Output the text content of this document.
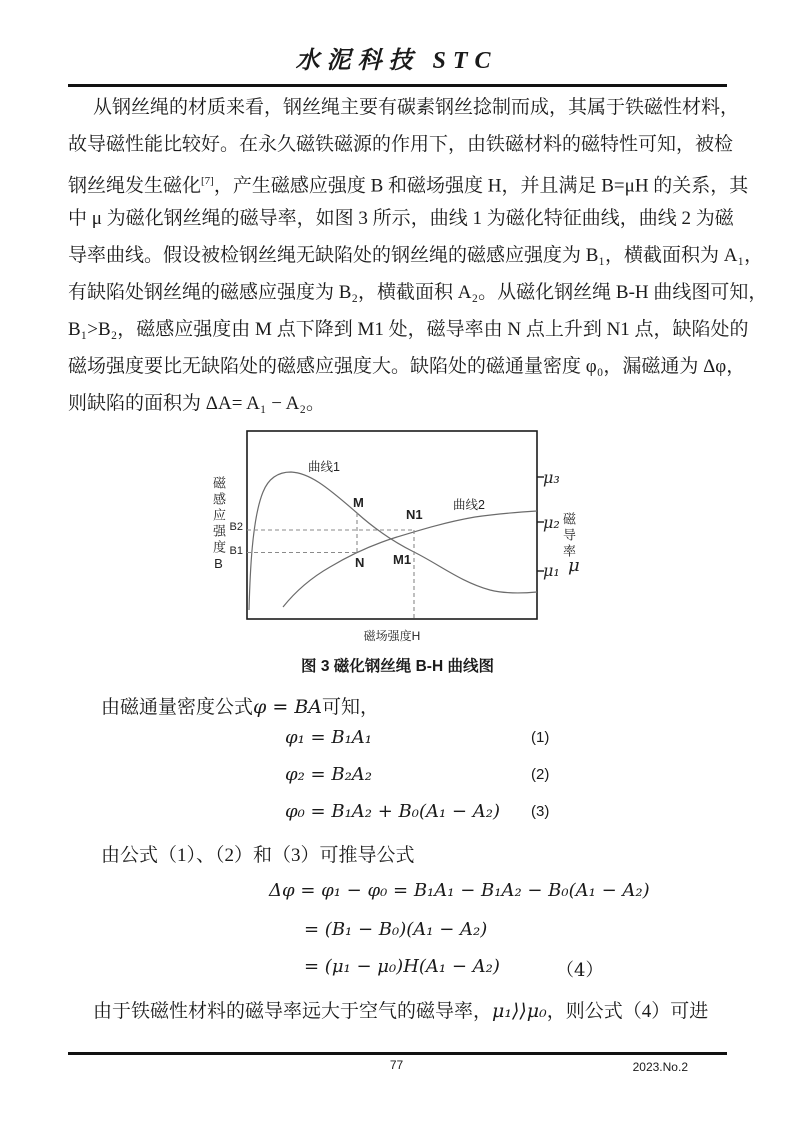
水泥科技 STC
从钢丝绳的材质来看，钢丝绳主要有碳素钢丝捻制而成，其属于铁磁性材料，
故导磁性能比较好。在永久磁铁磁源的作用下，由铁磁材料的磁特性可知，被检
钢丝绳发生磁化[7]，产生磁感应强度 B 和磁场强度 H，并且满足 B=μH 的关系，其
中 μ 为磁化钢丝绳的磁导率，如图 3 所示，曲线 1 为磁化特征曲线，曲线 2 为磁
导率曲线。假设被检钢丝绳无缺陷处的钢丝绳的磁感应强度为 B₁，横截面积为 A₁，
有缺陷处钢丝绳的磁感应强度为 B₂，横截面积 A₂。从磁化钢丝绳 B-H 曲线图可知，
B₁>B₂，磁感应强度由 M 点下降到 M1 处，磁导率由 N 点上升到 N1 点，缺陷处的
磁场强度要比无缺陷处的磁感应强度大。缺陷处的磁通量密度 φ₀，漏磁通为 Δφ，
则缺陷的面积为 ΔA= A₁ − A₂。
曲线1
曲线2
M
N1
N M1
B2
B1
磁感应强度B
μ₃
μ₂
μ₁
磁导率
μ
磁场强度H
图 3 磁化钢丝绳 B-H 曲线图
由磁通量密度公式φ = BA可知，
φ₁ = B₁A₁	(1)
φ₂ = B₂A₂	(2)
φ₀ = B₁A₂ + B₀(A₁ − A₂) (3)
由公式（1）、（2）和（3）可推导公式
Δφ = φ₁ − φ₀ = B₁A₁ − B₁A₂ − B₀(A₁ − A₂)
= (B₁ − B₀)(A₁ − A₂)
= (μ₁ − μ₀)H(A₁ − A₂)	（4）
由于铁磁性材料的磁导率远大于空气的磁导率，μ₁⟩⟩μ₀，则公式（4）可进
77	2023.No.2
